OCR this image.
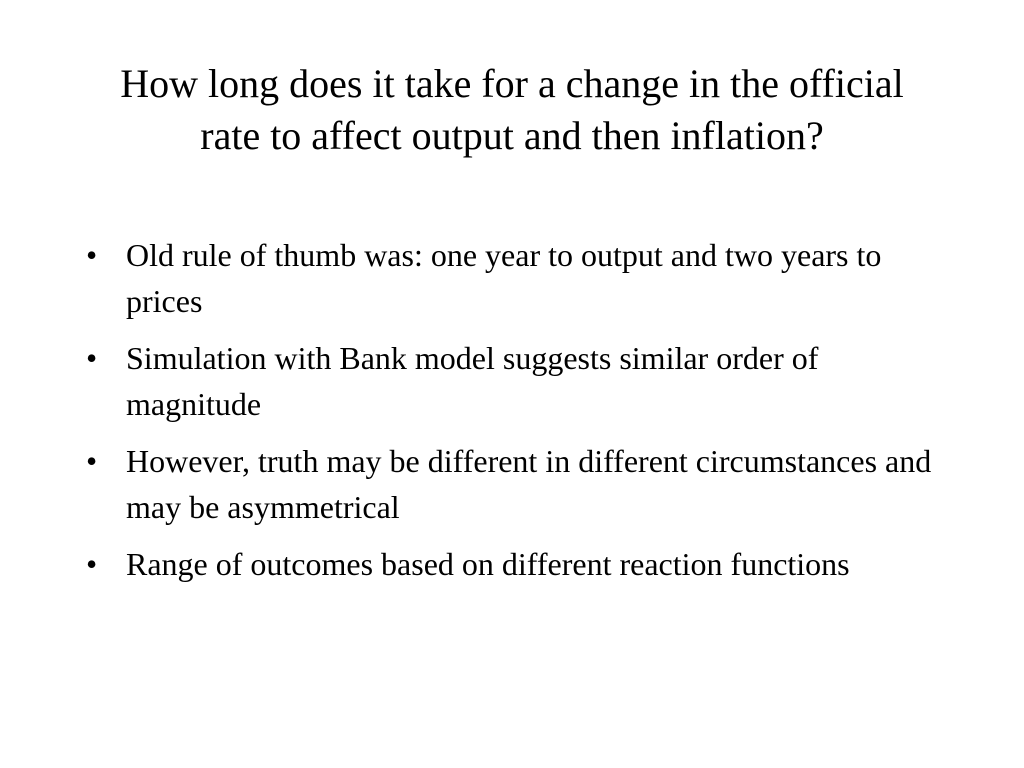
How long does it take for a change in the official rate to affect output and then inflation?
• Old rule of thumb was: one year to output and two years to prices
• Simulation with Bank model suggests similar order of magnitude
• However, truth may be different in different circumstances and may be asymmetrical
• Range of outcomes based on different reaction functions
